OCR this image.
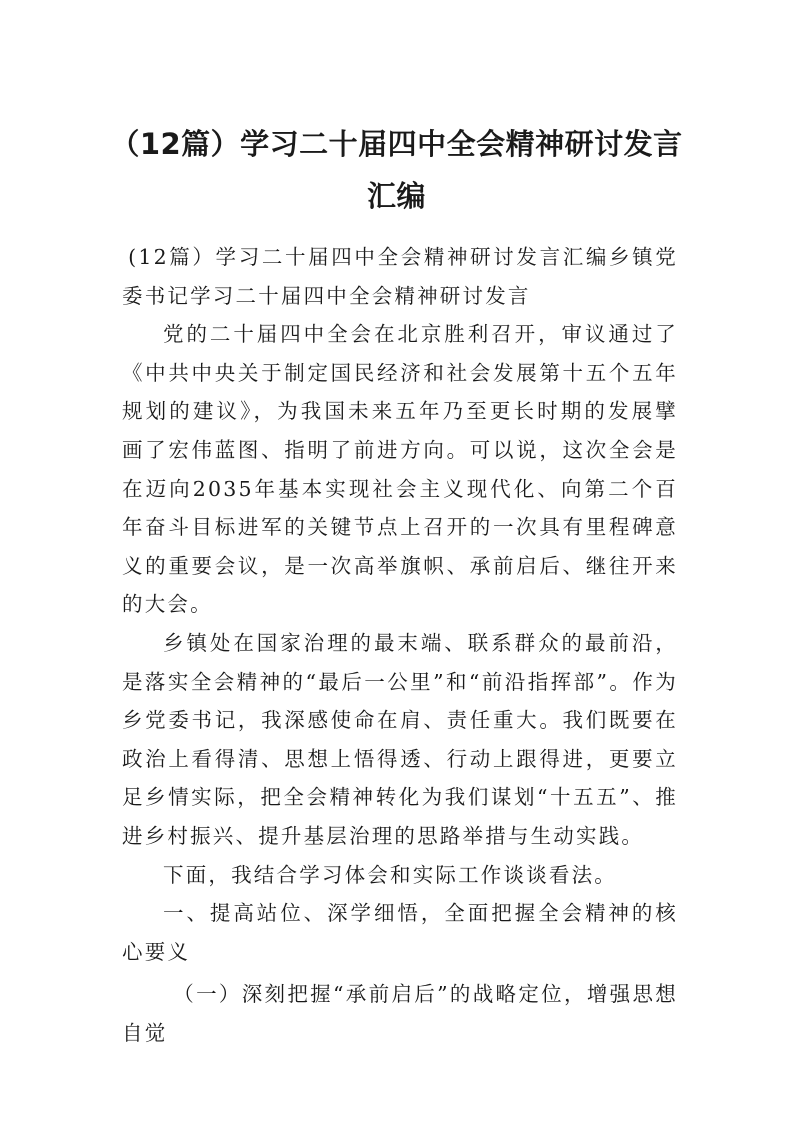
（12篇）学习二十届四中全会精神研讨发言
汇编

(12篇）学习二十届四中全会精神研讨发言汇编乡镇党委书记学习二十届四中全会精神研讨发言

党的二十届四中全会在北京胜利召开，审议通过了《中共中央关于制定国民经济和社会发展第十五个五年规划的建议》，为我国未来五年乃至更长时期的发展擘画了宏伟蓝图、指明了前进方向。可以说，这次全会是在迈向2035年基本实现社会主义现代化、向第二个百年奋斗目标进军的关键节点上召开的一次具有里程碑意义的重要会议，是一次高举旗帜、承前启后、继往开来的大会。

乡镇处在国家治理的最末端、联系群众的最前沿，是落实全会精神的“最后一公里”和“前沿指挥部”。作为乡党委书记，我深感使命在肩、责任重大。我们既要在政治上看得清、思想上悟得透、行动上跟得进，更要立足乡情实际，把全会精神转化为我们谋划“十五五”、推进乡村振兴、提升基层治理的思路举措与生动实践。

下面，我结合学习体会和实际工作谈谈看法。

一、提高站位、深学细悟，全面把握全会精神的核心要义

（一）深刻把握“承前启后”的战略定位，增强思想自觉
